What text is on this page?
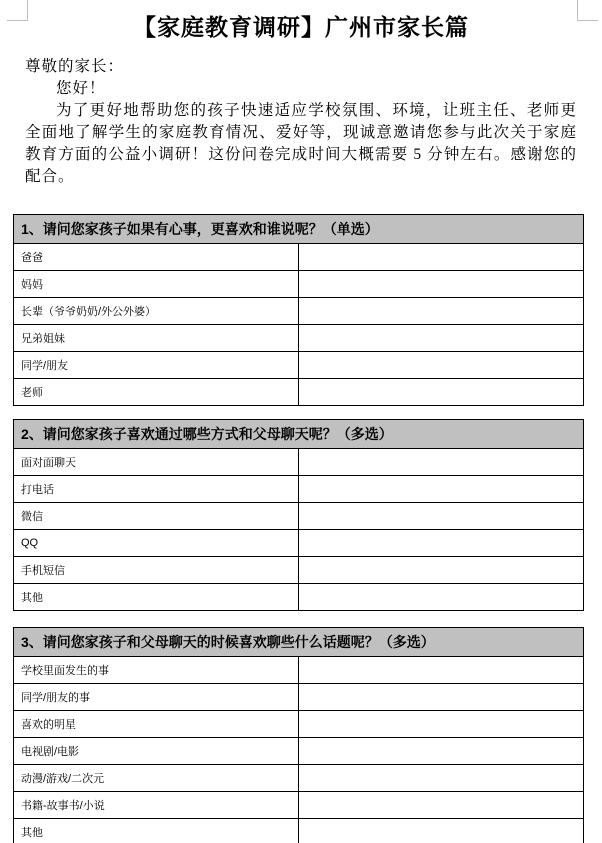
【家庭教育调研】广州市家长篇
尊敬的家长：
您好！

为了更好地帮助您的孩子快速适应学校氛围、环境，让班主任、老师更全面地了解学生的家庭教育情况、爱好等，现诚意邀请您参与此次关于家庭教育方面的公益小调研！这份问卷完成时间大概需要 5 分钟左右。感谢您的配合。

1、请问您家孩子如果有心事，更喜欢和谁说呢？（单选）	
爸爸	
妈妈	
长辈（爷爷奶奶/外公外婆）	
兄弟姐妹	
同学/朋友	
老师	
2、请问您家孩子喜欢通过哪些方式和父母聊天呢？（多选）	
面对面聊天	
打电话	
微信	
QQ	
手机短信	
其他	
3、请问您家孩子和父母聊天的时候喜欢聊些什么话题呢？（多选）	
学校里面发生的事	
同学/朋友的事	
喜欢的明星	
电视剧/电影	
动漫/游戏/二次元	
书籍-故事书/小说	
其他	
